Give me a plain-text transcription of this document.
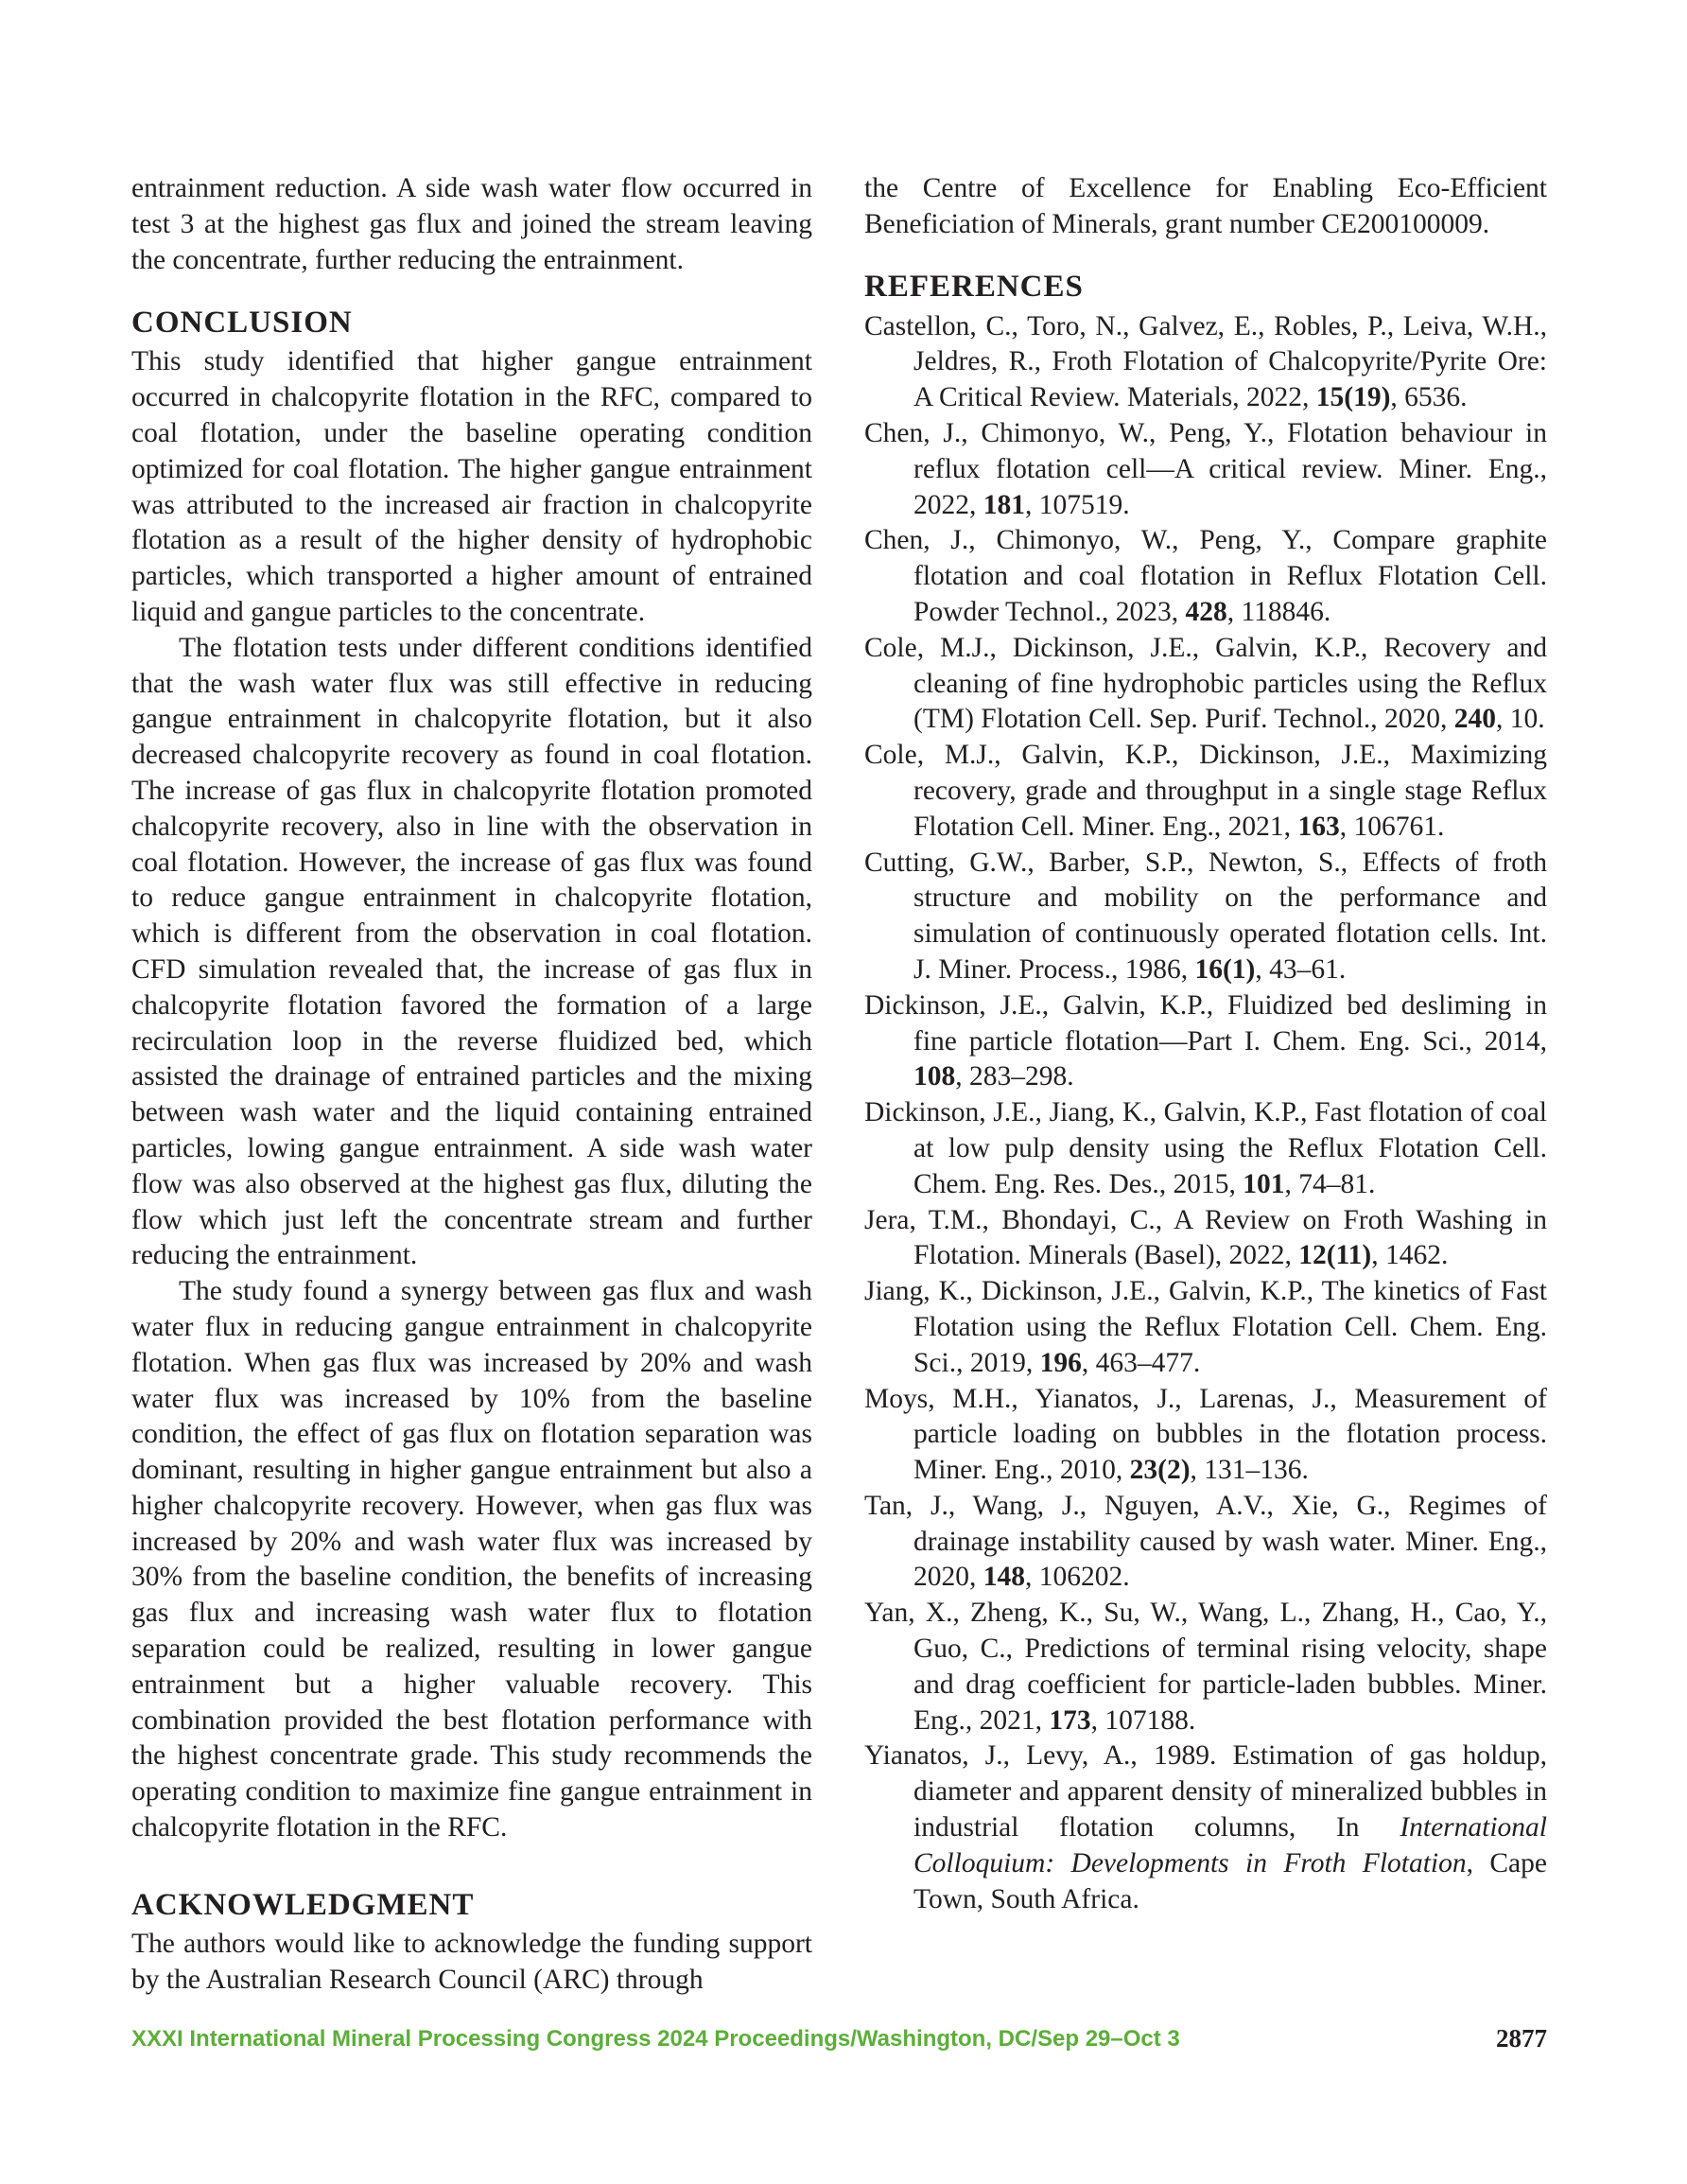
entrainment reduction. A side wash water flow occurred in test 3 at the highest gas flux and joined the stream leaving the concentrate, further reducing the entrainment.

CONCLUSION

This study identified that higher gangue entrainment occurred in chalcopyrite flotation in the RFC, compared to coal flotation, under the baseline operating condition optimized for coal flotation. The higher gangue entrainment was attributed to the increased air fraction in chalcopyrite flotation as a result of the higher density of hydrophobic particles, which transported a higher amount of entrained liquid and gangue particles to the concentrate.

The flotation tests under different conditions identified that the wash water flux was still effective in reducing gangue entrainment in chalcopyrite flotation, but it also decreased chalcopyrite recovery as found in coal flotation. The increase of gas flux in chalcopyrite flotation promoted chalcopyrite recovery, also in line with the observation in coal flotation. However, the increase of gas flux was found to reduce gangue entrainment in chalcopyrite flotation, which is different from the observation in coal flotation. CFD simulation revealed that, the increase of gas flux in chalcopyrite flotation favored the formation of a large recirculation loop in the reverse fluidized bed, which assisted the drainage of entrained particles and the mixing between wash water and the liquid containing entrained particles, lowing gangue entrainment. A side wash water flow was also observed at the highest gas flux, diluting the flow which just left the concentrate stream and further reducing the entrainment.

The study found a synergy between gas flux and wash water flux in reducing gangue entrainment in chalcopyrite flotation. When gas flux was increased by 20% and wash water flux was increased by 10% from the baseline condition, the effect of gas flux on flotation separation was dominant, resulting in higher gangue entrainment but also a higher chalcopyrite recovery. However, when gas flux was increased by 20% and wash water flux was increased by 30% from the baseline condition, the benefits of increasing gas flux and increasing wash water flux to flotation separation could be realized, resulting in lower gangue entrainment but a higher valuable recovery. This combination provided the best flotation performance with the highest concentrate grade. This study recommends the operating condition to maximize fine gangue entrainment in chalcopyrite flotation in the RFC.

ACKNOWLEDGMENT

The authors would like to acknowledge the funding support by the Australian Research Council (ARC) through

the Centre of Excellence for Enabling Eco-Efficient Beneficiation of Minerals, grant number CE200100009.

REFERENCES

Castellon, C., Toro, N., Galvez, E., Robles, P., Leiva, W.H., Jeldres, R., Froth Flotation of Chalcopyrite/Pyrite Ore: A Critical Review. Materials, 2022, 15(19), 6536.

Chen, J., Chimonyo, W., Peng, Y., Flotation behaviour in reflux flotation cell—A critical review. Miner. Eng., 2022, 181, 107519.

Chen, J., Chimonyo, W., Peng, Y., Compare graphite flotation and coal flotation in Reflux Flotation Cell. Powder Technol., 2023, 428, 118846.

Cole, M.J., Dickinson, J.E., Galvin, K.P., Recovery and cleaning of fine hydrophobic particles using the Reflux (TM) Flotation Cell. Sep. Purif. Technol., 2020, 240, 10.

Cole, M.J., Galvin, K.P., Dickinson, J.E., Maximizing recovery, grade and throughput in a single stage Reflux Flotation Cell. Miner. Eng., 2021, 163, 106761.

Cutting, G.W., Barber, S.P., Newton, S., Effects of froth structure and mobility on the performance and simulation of continuously operated flotation cells. Int. J. Miner. Process., 1986, 16(1), 43–61.

Dickinson, J.E., Galvin, K.P., Fluidized bed desliming in fine particle flotation—Part I. Chem. Eng. Sci., 2014, 108, 283–298.

Dickinson, J.E., Jiang, K., Galvin, K.P., Fast flotation of coal at low pulp density using the Reflux Flotation Cell. Chem. Eng. Res. Des., 2015, 101, 74–81.

Jera, T.M., Bhondayi, C., A Review on Froth Washing in Flotation. Minerals (Basel), 2022, 12(11), 1462.

Jiang, K., Dickinson, J.E., Galvin, K.P., The kinetics of Fast Flotation using the Reflux Flotation Cell. Chem. Eng. Sci., 2019, 196, 463–477.

Moys, M.H., Yianatos, J., Larenas, J., Measurement of particle loading on bubbles in the flotation process. Miner. Eng., 2010, 23(2), 131–136.

Tan, J., Wang, J., Nguyen, A.V., Xie, G., Regimes of drainage instability caused by wash water. Miner. Eng., 2020, 148, 106202.

Yan, X., Zheng, K., Su, W., Wang, L., Zhang, H., Cao, Y., Guo, C., Predictions of terminal rising velocity, shape and drag coefficient for particle-laden bubbles. Miner. Eng., 2021, 173, 107188.

Yianatos, J., Levy, A., 1989. Estimation of gas holdup, diameter and apparent density of mineralized bubbles in industrial flotation columns, In International Colloquium: Developments in Froth Flotation, Cape Town, South Africa.

XXXI International Mineral Processing Congress 2024 Proceedings/Washington, DC/Sep 29–Oct 3	2877
